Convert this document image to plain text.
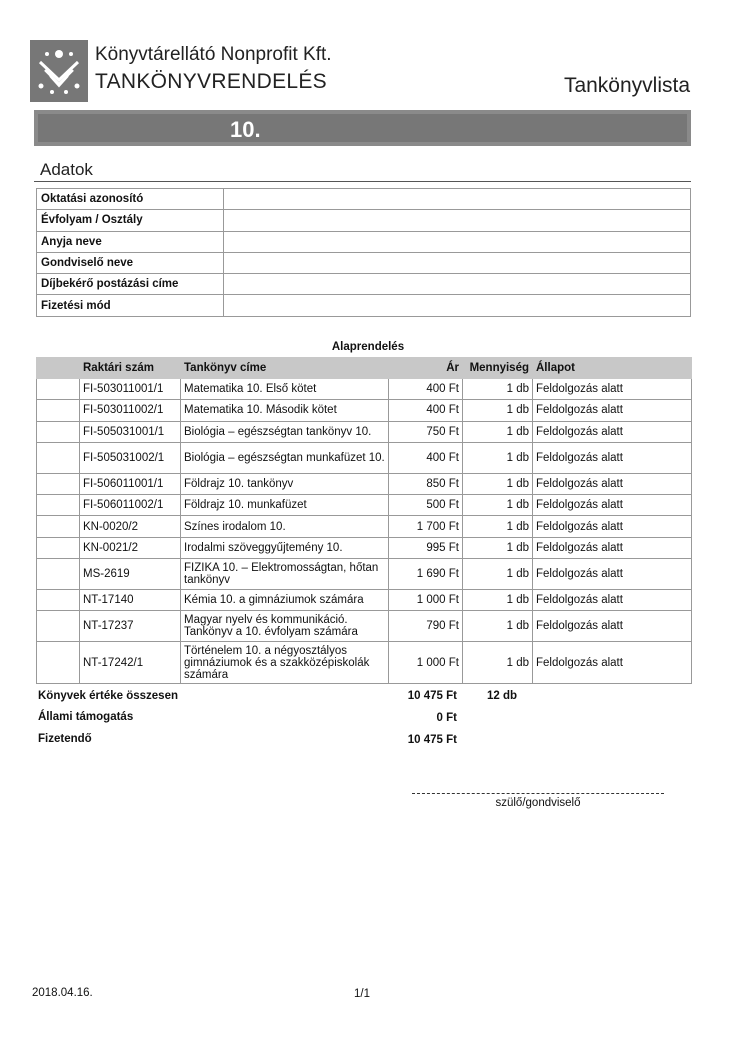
Könyvtárellátó Nonprofit Kft.
TANKÖNYVRENDELÉS	Tankönyvlista
10.
Adatok
Oktatási azonosító	
Évfolyam / Osztály	
Anyja neve	
Gondviselő neve	
Díjbekérő postázási címe	
Fizetési mód	
Alaprendelés
	Raktári szám	Tankönyv címe	Ár	Mennyiség	Állapot
	FI-503011001/1	Matematika 10. Első kötet	400 Ft	1 db	Feldolgozás alatt
	FI-503011002/1	Matematika 10. Második kötet	400 Ft	1 db	Feldolgozás alatt
	FI-505031001/1	Biológia – egészségtan tankönyv 10.	750 Ft	1 db	Feldolgozás alatt
	FI-505031002/1	Biológia – egészségtan munkafüzet 10.	400 Ft	1 db	Feldolgozás alatt
	FI-506011001/1	Földrajz 10. tankönyv	850 Ft	1 db	Feldolgozás alatt
	FI-506011002/1	Földrajz 10. munkafüzet	500 Ft	1 db	Feldolgozás alatt
	KN-0020/2	Színes irodalom 10.	1 700 Ft	1 db	Feldolgozás alatt
	KN-0021/2	Irodalmi szöveggyűjtemény 10.	995 Ft	1 db	Feldolgozás alatt
	MS-2619	FIZIKA 10. – Elektromosságtan, hőtan tankönyv	1 690 Ft	1 db	Feldolgozás alatt
	NT-17140	Kémia 10. a gimnáziumok számára	1 000 Ft	1 db	Feldolgozás alatt
	NT-17237	Magyar nyelv és kommunikáció. Tankönyv a 10. évfolyam számára	790 Ft	1 db	Feldolgozás alatt
	NT-17242/1	Történelem 10. a négyosztályos gimnáziumok és a szakközépiskolák számára	1 000 Ft	1 db	Feldolgozás alatt
Könyvek értéke összesen	10 475 Ft	12 db
Állami támogatás	0 Ft
Fizetendő	10 475 Ft
szülő/gondviselő
2018.04.16.	1/1
